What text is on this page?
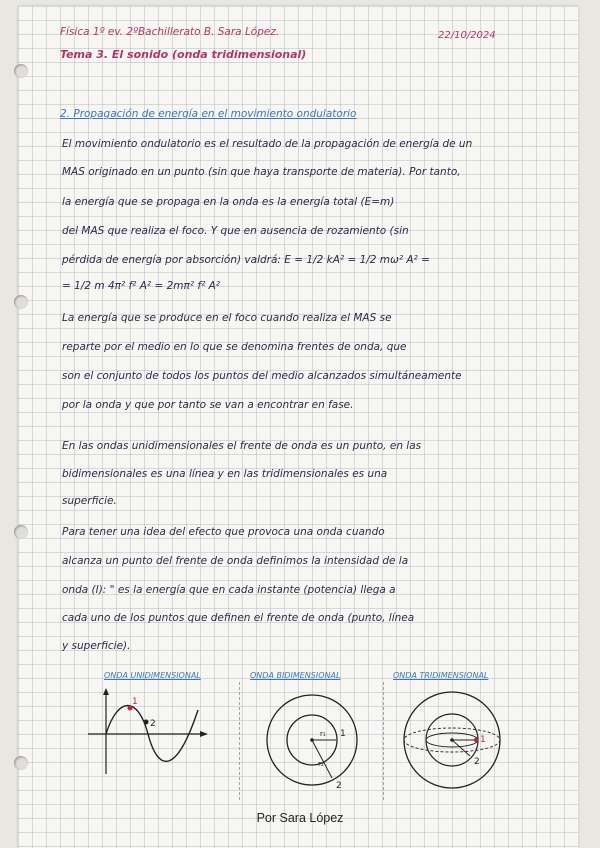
Física 1º ev. 2ºBachillerato B. Sara López.	22/10/2024
Tema 3. El sonido (onda tridimensional)
2. Propagación de energía en el movimiento ondulatorio
El movimiento ondulatorio es el resultado de la propagación de energía de un
MAS originado en un punto (sin que haya transporte de materia). Por tanto,
la energía que se propaga en la onda es la energía total (E=m)
del MAS que realiza el foco. Y que en ausencia de rozamiento (sin
pérdida de energía por absorción) valdrá: E = 1/2 kA² = 1/2 mω² A² =
= 1/2 m 4π² f² A² = 2mπ² f² A²
La energía que se produce en el foco cuando realiza el MAS se
reparte por el medio en lo que se denomina frentes de onda, que
son el conjunto de todos los puntos del medio alcanzados simultáneamente
por la onda y que por tanto se van a encontrar en fase.
En las ondas unidimensionales el frente de onda es un punto, en las
bidimensionales es una línea y en las tridimensionales es una
superficie.
Para tener una idea del efecto que provoca una onda cuando
alcanza un punto del frente de onda definimos la intensidad de la
onda (I): " es la energía que en cada instante (potencia) llega a
cada uno de los puntos que definen el frente de onda (punto, línea
y superficie).
ONDA UNIDIMENSIONAL	ONDA BIDIMENSIONAL	ONDA TRIDIMENSIONAL
1
2
1
2
r₁
r₂
1
2
Por Sara López
